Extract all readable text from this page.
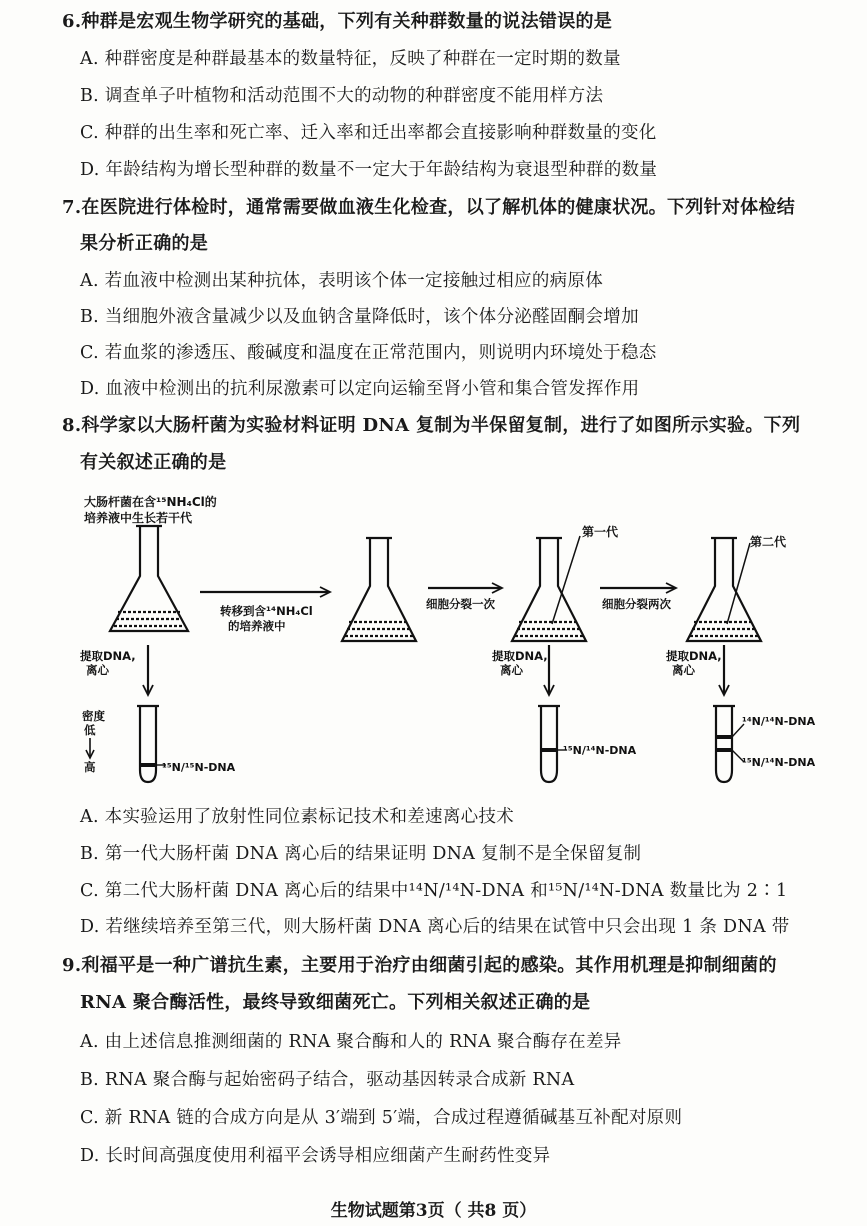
6.种群是宏观生物学研究的基础，下列有关种群数量的说法错误的是
A. 种群密度是种群最基本的数量特征，反映了种群在一定时期的数量
B. 调查单子叶植物和活动范围不大的动物的种群密度不能用样方法
C. 种群的出生率和死亡率、迁入率和迁出率都会直接影响种群数量的变化
D. 年龄结构为增长型种群的数量不一定大于年龄结构为衰退型种群的数量
7.在医院进行体检时，通常需要做血液生化检查，以了解机体的健康状况。下列针对体检结
果分析正确的是
A. 若血液中检测出某种抗体，表明该个体一定接触过相应的病原体
B. 当细胞外液含量减少以及血钠含量降低时，该个体分泌醛固酮会增加
C. 若血浆的渗透压、酸碱度和温度在正常范围内，则说明内环境处于稳态
D. 血液中检测出的抗利尿激素可以定向运输至肾小管和集合管发挥作用
8.科学家以大肠杆菌为实验材料证明 DNA 复制为半保留复制，进行了如图所示实验。下列
有关叙述正确的是
大肠杆菌在含¹⁵NH₄Cl的
培养液中生长若干代
转移到含¹⁴NH₄Cl
的培养液中
细胞分裂一次	细胞分裂两次
第一代
第二代
提取DNA,
离心
提取DNA,
离心
提取DNA,
离心
密度
低
高	¹⁵N/¹⁵N-DNA
¹⁵N/¹⁴N-DNA
¹⁴N/¹⁴N-DNA
¹⁵N/¹⁴N-DNA
A. 本实验运用了放射性同位素标记技术和差速离心技术
B. 第一代大肠杆菌 DNA 离心后的结果证明 DNA 复制不是全保留复制
C. 第二代大肠杆菌 DNA 离心后的结果中¹⁴N/¹⁴N-DNA 和¹⁵N/¹⁴N-DNA 数量比为 2∶1
D. 若继续培养至第三代，则大肠杆菌 DNA 离心后的结果在试管中只会出现 1 条 DNA 带
9.利福平是一种广谱抗生素，主要用于治疗由细菌引起的感染。其作用机理是抑制细菌的
RNA 聚合酶活性，最终导致细菌死亡。下列相关叙述正确的是
A. 由上述信息推测细菌的 RNA 聚合酶和人的 RNA 聚合酶存在差异
B. RNA 聚合酶与起始密码子结合，驱动基因转录合成新 RNA
C. 新 RNA 链的合成方向是从 3′端到 5′端，合成过程遵循碱基互补配对原则
D. 长时间高强度使用利福平会诱导相应细菌产生耐药性变异
生物试题第3页（ 共8 页）
